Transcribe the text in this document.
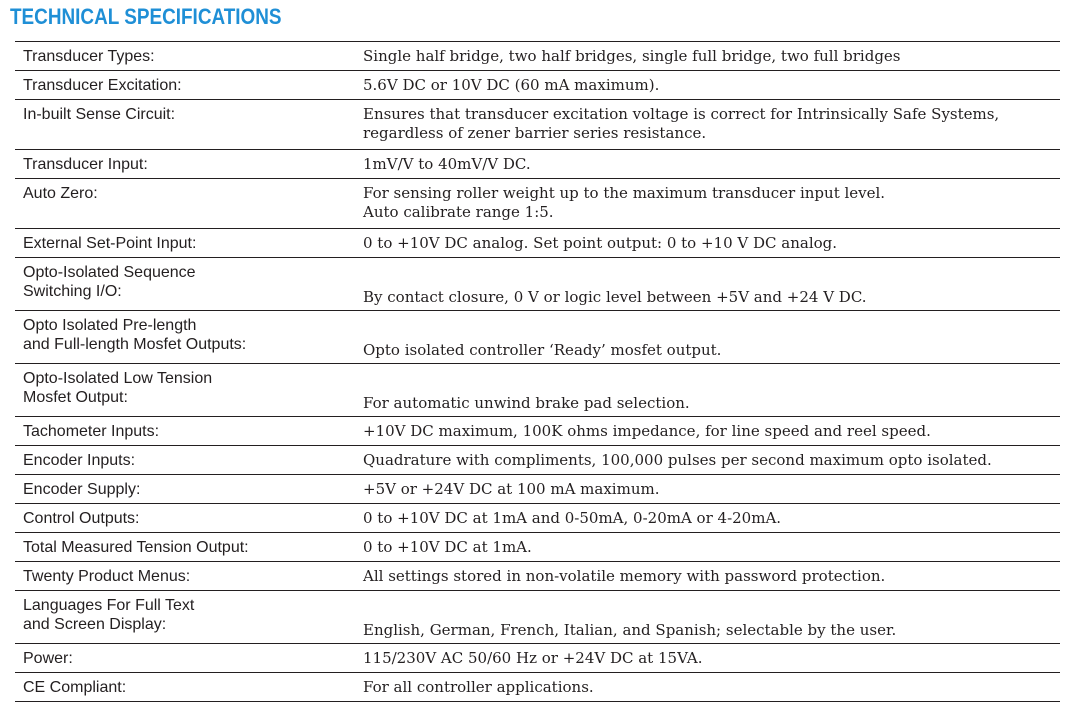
TECHNICAL SPECIFICATIONS
Transducer Types:	Single half bridge, two half bridges, single full bridge, two full bridges
Transducer Excitation:	5.6V DC or 10V DC (60 mA maximum).
In-built Sense Circuit:	Ensures that transducer excitation voltage is correct for Intrinsically Safe Systems,
regardless of zener barrier series resistance.
Transducer Input:	1mV/V to 40mV/V DC.
Auto Zero:	For sensing roller weight up to the maximum transducer input level.
Auto calibrate range 1:5.
External Set-Point Input:	0 to +10V DC analog. Set point output: 0 to +10 V DC analog.
Opto-Isolated Sequence
Switching I/O:	By contact closure, 0 V or logic level between +5V and +24 V DC.
Opto Isolated Pre-length
and Full-length Mosfet Outputs:	Opto isolated controller ‘Ready’ mosfet output.
Opto-Isolated Low Tension
Mosfet Output:	For automatic unwind brake pad selection.
Tachometer Inputs:	+10V DC maximum, 100K ohms impedance, for line speed and reel speed.
Encoder Inputs:	Quadrature with compliments, 100,000 pulses per second maximum opto isolated.
Encoder Supply:	+5V or +24V DC at 100 mA maximum.
Control Outputs:	0 to +10V DC at 1mA and 0-50mA, 0-20mA or 4-20mA.
Total Measured Tension Output:	0 to +10V DC at 1mA.
Twenty Product Menus:	All settings stored in non-volatile memory with password protection.
Languages For Full Text
and Screen Display:	English, German, French, Italian, and Spanish; selectable by the user.
Power:	115/230V AC 50/60 Hz or +24V DC at 15VA.
CE Compliant:	For all controller applications.
